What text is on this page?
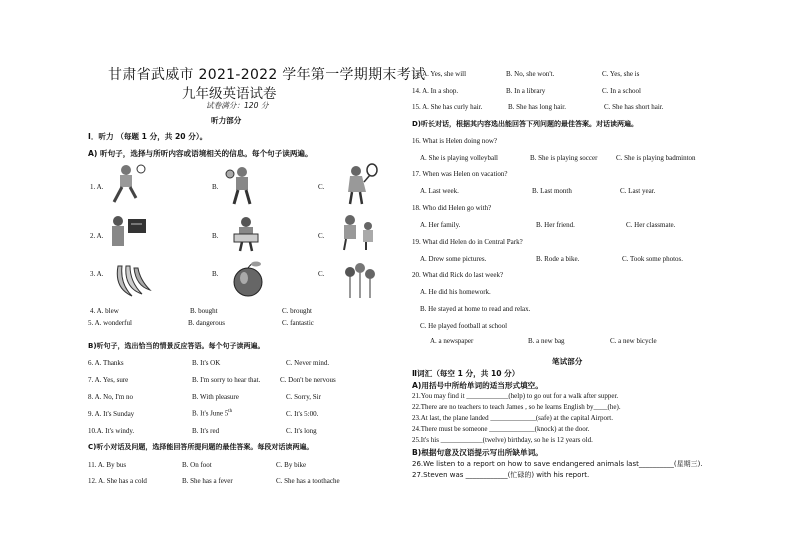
甘肃省武威市 2021-2022 学年第一学期期末考试
九年级英语试卷
试卷满分：120 分
听力部分
Ⅰ．听力 （每题 1 分，共 20 分）。
A) 听句子，选择与所听内容或语境相关的信息。每个句子读两遍。
1. A.	B.	C.
2. A.	B.	C.
3. A.	B.	C.
4. A. blew	B. bought	C. brought
5. A. wonderful	B. dangerous	C. fantastic
B)听句子，选出恰当的情景反应答语。每个句子读两遍。
6. A. Thanks	B. It's OK	C. Never mind.
7. A. Yes, sure	B. I'm sorry to hear that.	C. Don't be nervous
8. A. No, I'm no	B. With pleasure	C. Sorry, Sir
9. A. It's Sunday	B. It's June 5th	C. It's 5:00.
10.A. It's windy.	B. It's red	C. It's long
C)听小对话及问题，选择能回答所提问题的最佳答案。每段对话读两遍。
11. A. By bus	B. On foot	C. By bike
12. A. She has a cold	B. She has a fever	C. She has a toothache
13. A. Yes, she will	B. No, she won't.	C. Yes, she is
14. A. In a shop.	B. In a library	C. In a school
15. A. She has curly hair.	B. She has long hair.	C. She has short hair.
D)听长对话，根据其内容选出能回答下列问题的最佳答案。对话读两遍。
16. What is Helen doing now?
A. She is playing volleyball	B. She is playing soccer	C. She is playing badminton
17. When was Helen on vacation?
A. Last week.	B. Last month	C. Last year.
18. Who did Helen go with?
A. Her family.	B. Her friend.	C. Her classmate.
19. What did Helen do in Central Park?
A. Drew some pictures.	B. Rode a bike.	C. Took some photos.
20. What did Rick do last week?
A. He did his homework.
B. He stayed at home to read and relax.
C. He played football at school
A. a newspaper	B. a new bag	C. a new bicycle
笔试部分
Ⅱ词汇（每空 1 分，共 10 分）
A)用括号中所给单词的适当形式填空。
21.You may find it ____________(help) to go out for a walk after supper.
22.There are no teachers to teach James , so he learns English by____(he).
23.At last, the plane landed _____________(safe) at the capital Airport.
24.There must be someone _____________(knock) at the door.
25.It's his ____________(twelve) birthday, so he is 12 years old.
B)根据句意及汉语提示写出所缺单词。
26.We listen to a report on how to save endangered animals last__________(星期三).
27.Steven was ____________(忙碌的) with his report.
